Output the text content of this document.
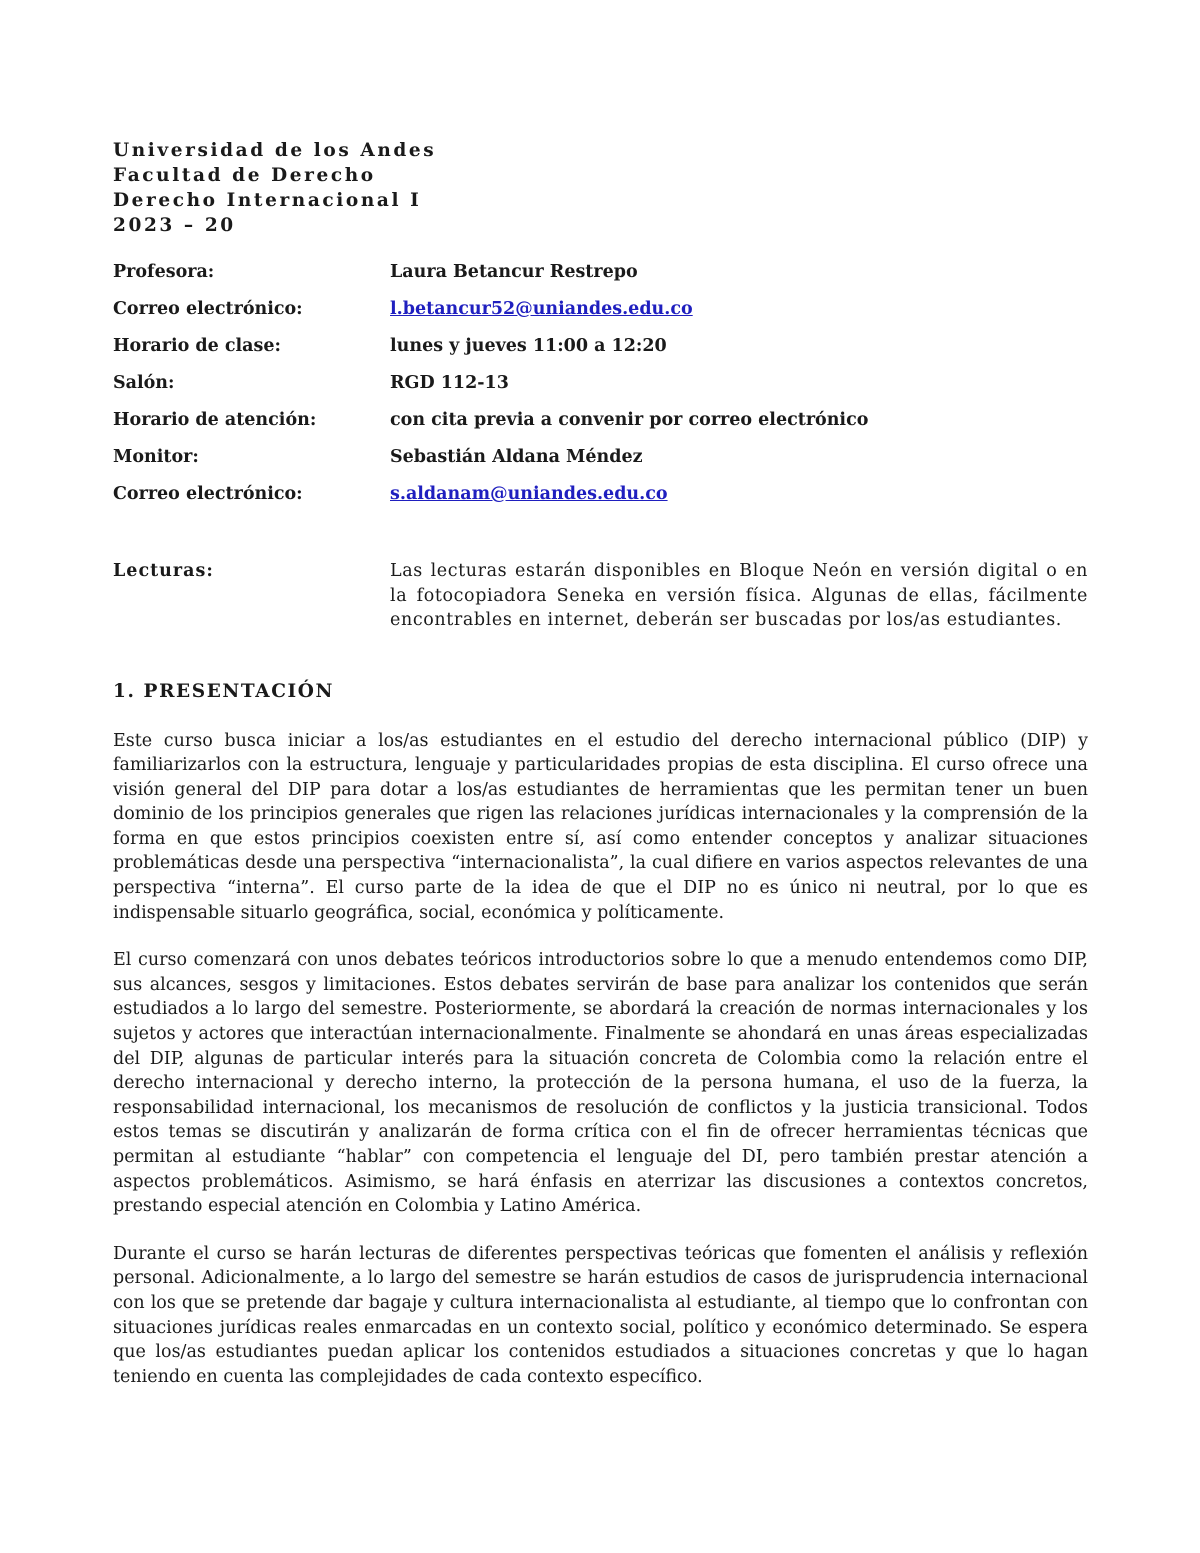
Universidad de los Andes
Facultad de Derecho
Derecho Internacional I
2023 – 20
Profesora:	Laura Betancur Restrepo
Correo electrónico:	l.betancur52@uniandes.edu.co
Horario de clase:	lunes y jueves 11:00 a 12:20
Salón:	RGD 112-13
Horario de atención:	con cita previa a convenir por correo electrónico
Monitor:	Sebastián Aldana Méndez
Correo electrónico:	s.aldanam@uniandes.edu.co
Lecturas:	Las lecturas estarán disponibles en Bloque Neón en versión digital o en la fotocopiadora Seneka en versión física. Algunas de ellas, fácilmente encontrables en internet, deberán ser buscadas por los/as estudiantes.
1. PRESENTACIÓN

Este curso busca iniciar a los/as estudiantes en el estudio del derecho internacional público (DIP) y familiarizarlos con la estructura, lenguaje y particularidades propias de esta disciplina. El curso ofrece una visión general del DIP para dotar a los/as estudiantes de herramientas que les permitan tener un buen dominio de los principios generales que rigen las relaciones jurídicas internacionales y la comprensión de la forma en que estos principios coexisten entre sí, así como entender conceptos y analizar situaciones problemáticas desde una perspectiva “internacionalista”, la cual difiere en varios aspectos relevantes de una perspectiva “interna”. El curso parte de la idea de que el DIP no es único ni neutral, por lo que es indispensable situarlo geográfica, social, económica y políticamente.

El curso comenzará con unos debates teóricos introductorios sobre lo que a menudo entendemos como DIP, sus alcances, sesgos y limitaciones. Estos debates servirán de base para analizar los contenidos que serán estudiados a lo largo del semestre. Posteriormente, se abordará la creación de normas internacionales y los sujetos y actores que interactúan internacionalmente. Finalmente se ahondará en unas áreas especializadas del DIP, algunas de particular interés para la situación concreta de Colombia como la relación entre el derecho internacional y derecho interno, la protección de la persona humana, el uso de la fuerza, la responsabilidad internacional, los mecanismos de resolución de conflictos y la justicia transicional. Todos estos temas se discutirán y analizarán de forma crítica con el fin de ofrecer herramientas técnicas que permitan al estudiante “hablar” con competencia el lenguaje del DI, pero también prestar atención a aspectos problemáticos. Asimismo, se hará énfasis en aterrizar las discusiones a contextos concretos, prestando especial atención en Colombia y Latino América.

Durante el curso se harán lecturas de diferentes perspectivas teóricas que fomenten el análisis y reflexión personal. Adicionalmente, a lo largo del semestre se harán estudios de casos de jurisprudencia internacional con los que se pretende dar bagaje y cultura internacionalista al estudiante, al tiempo que lo confrontan con situaciones jurídicas reales enmarcadas en un contexto social, político y económico determinado. Se espera que los/as estudiantes puedan aplicar los contenidos estudiados a situaciones concretas y que lo hagan teniendo en cuenta las complejidades de cada contexto específico.
